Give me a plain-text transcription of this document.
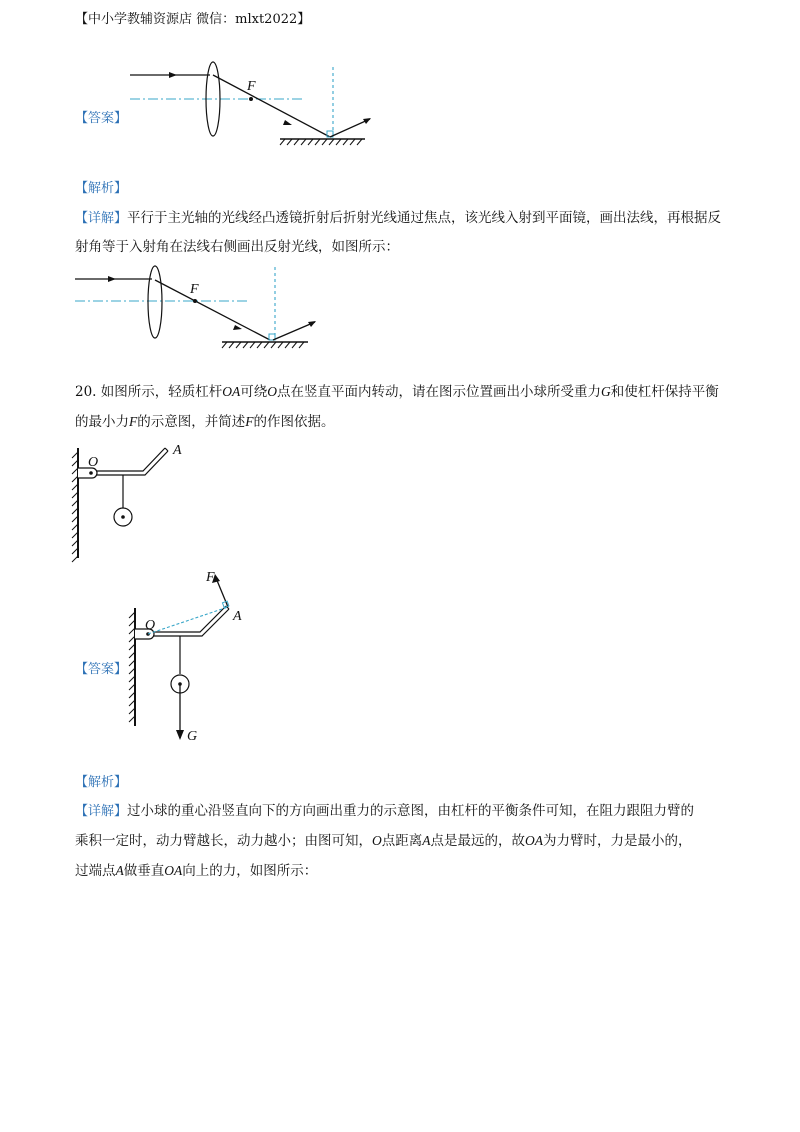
【中小学教辅资源店 微信：mlxt2022】
F
【答案】
【解析】
【详解】平行于主光轴的光线经凸透镜折射后折射光线通过焦点，该光线入射到平面镜，画出法线，再根据反射角等于入射角在法线右侧画出反射光线，如图所示：
F
20. 如图所示，轻质杠杆OA可绕O点在竖直平面内转动，请在图示位置画出小球所受重力G和使杠杆保持平衡的最小力F的示意图，并简述F的作图依据。
O
A
【答案】
O
A
F
G
【解析】
【详解】过小球的重心沿竖直向下的方向画出重力的示意图，由杠杆的平衡条件可知，在阻力跟阻力臂的
乘积一定时，动力臂越长，动力越小；由图可知，O点距离A点是最远的，故OA为力臂时，力是最小的，
过端点A做垂直OA向上的力，如图所示：
